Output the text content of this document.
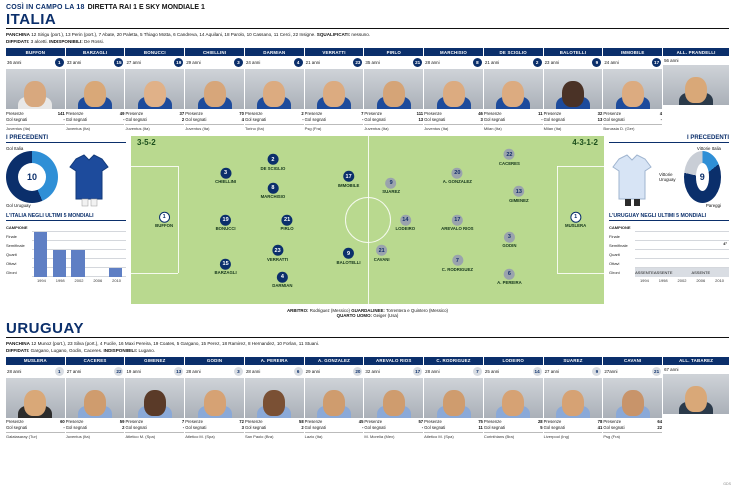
COSÌ IN CAMPO LA 18 DIRETTA RAI 1 E SKY MONDIALE 1
ITALIA
PANCHINA 12 Sirigu (port.), 13 Perin (port.), 7 Abate, 20 Paletta, 5 Thiago Motta, 6 Candreva, 14 Aquilani, 18 Parolo, 10 Cassano, 11 Cerci, 22 Insigne. SQUALIFICATI: nessuno.
DIFFIDATI: 3 alcetti. INDISPONIBILI: De Rossi.
BUFFON
36 anni	1
Presenze	141
Gol segnati	-
Juventus (Ita)
BARZAGLI
33 anni	15
Presenze	49
Gol segnati	-
Juventus (Ita)
BONUCCI
27 anni	19
Presenze	37
Gol segnati	2
Juventus (Ita)
CHIELLINI
29 anni	3
Presenze	70
Gol segnati	4
Juventus (Ita)
DARMIAN
24 anni	4
Presenze	2
Gol segnati	-
Torino (Ita)
VERRATTI
21 anni	23
Presenze	7
Gol segnati	-
Psg (Fra)
PIRLO
35 anni	21
Presenze	111
Gol segnati	13
Juventus (Ita)
MARCHISIO
28 anni	8
Presenze	46
Gol segnati	3
Juventus (Ita)
DE SCIGLIO
21 anni	2
Presenze	11
Gol segnati	-
Milan (Ita)
BALOTELLI
23 anni	9
Presenze	32
Gol segnati	13
Milan (Ita)
IMMOBILE
24 anni	17
Presenze	4
Gol segnati	-
Borussia D. (Ger)
ALL. PRANDELLI
56 anni
I PRECEDENTI
Gol Italia
10
Gol Uruguay
L'ITALIA NEGLI ULTIMI 5 MONDIALI
CAMPIONE
Finale
Semifinale
Quarti
Ottavi
Gironi
1994	1998	2002	2006	2010
3-5-2	4-3-1-2
1
BUFFON
3
CHIELLINI
15
BARZAGLI
19
BONUCCI
4
DARMIAN
8
MARCHISIO
21
PIRLO
23
VERRATTI
2
DE SCIGLIO
17
IMMOBILE
9
BALOTELLI
1
MUSLERA
22
CACERES
13
GIMENEZ
3
GODIN
6
A. PEREIRA
20
A. GONZALEZ
17
AREVALO RIOS
7
C. RODRIGUEZ
14
LODEIRO
9
SUAREZ
21
CAVANI
ARBITRO: Rodriguez (Messico) GUARDALINEE: Torrentera e Quintero (Messico)
QUARTO UOMO: Geiger (Usa)
I PRECEDENTI
Vittorie Italia
Vittorie Uruguay	9
Pareggi
L'URUGUAY NEGLI ULTIMI 5 MONDIALI
CAMPIONE
Finale
Semifinale
Quarti
Ottavi
Gironi
4°
ASSENTE ASSENTE	ASSENTE
1994	1998	2002	2006	2010
URUGUAY
PANCHINA 12 Munoz (port.), 23 Silva (port.), 4 Fucile, 16 Maxi Pereira, 19 Coates, 5 Gargano, 15 Perez, 18 Ramirez, 8 Hernandez, 10 Forlan, 11 Stuani.
DIFFIDATI: Gargano, Lugano, Godin, Caceres. INDISPONIBILI: Lugano.
MUSLERA
28 anni	1
Presenze	60
Gol segnati	-
Galatasaray (Tur)
CACERES
27 anni	22
Presenze	59
Gol segnati	2
Juventus (Ita)
GIMENEZ
19 anni	13
Presenze	7
Gol segnati	-
Atletico M. (Spa)
GODIN
28 anni	3
Presenze	72
Gol segnati	3
Atletico M. (Spa)
A. PEREIRA
28 anni	6
Presenze	58
Gol segnati	2
San Paolo (Bra)
A. GONZALEZ
29 anni	20
Presenze	45
Gol segnati	-
Lazio (Ita)
AREVALO RIOS
32 anni	17
Presenze	57
Gol segnati	-
M. Morelia (Mex)
C. RODRIGUEZ
28 anni	7
Presenze	75
Gol segnati	11
Atletico M. (Spa)
LODEIRO
25 anni	14
Presenze	28
Gol segnati	5
Corinthians (Bra)
SUAREZ
27 anni	9
Presenze	78
Gol segnati	41
Liverpool (Ing)
CAVANI
27anni	21
Presenze	64
Gol segnati	22
Psg (Fra)
ALL. TABAREZ
67 anni
GDS
